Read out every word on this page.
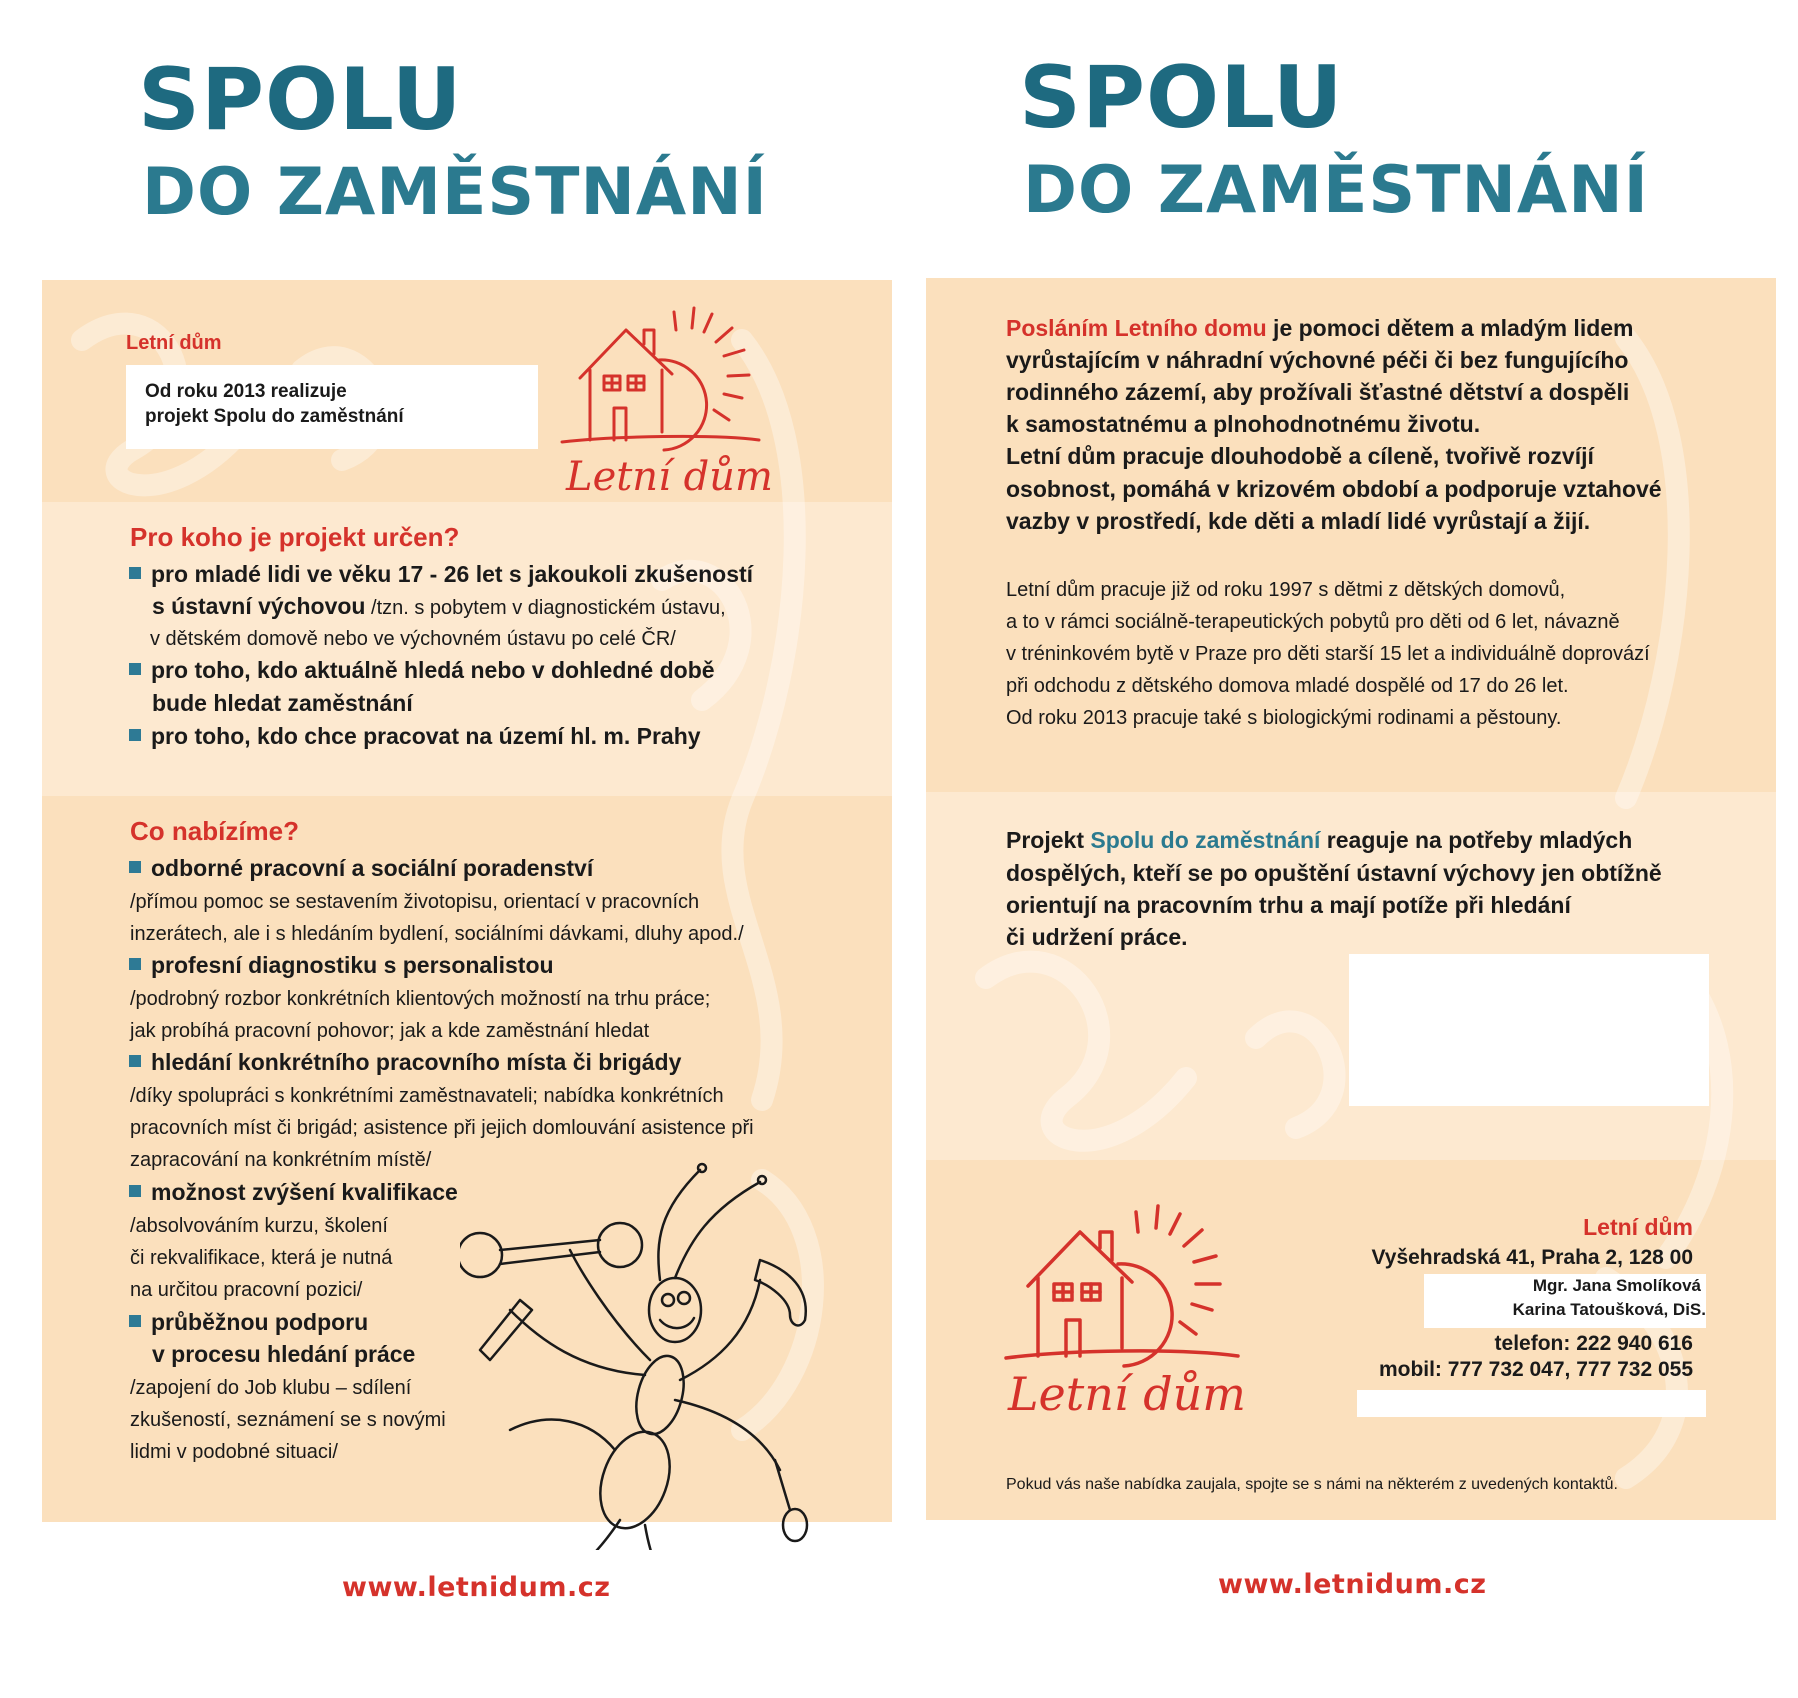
SPOLU
DO ZAMĚSTNÁNÍ
Letní dům
Od roku 2013 realizuje
projekt Spolu do zaměstnání
Letní dům
Pro koho je projekt určen?
pro mladé lidi ve věku 17 - 26 let s jakoukoli zkušeností
s ústavní výchovou /tzn. s pobytem v diagnostickém ústavu,
v dětském domově nebo ve výchovném ústavu po celé ČR/
pro toho, kdo aktuálně hledá nebo v dohledné době
bude hledat zaměstnání
pro toho, kdo chce pracovat na území hl. m. Prahy
Co nabízíme?
odborné pracovní a sociální poradenství
/přímou pomoc se sestavením životopisu, orientací v pracovních
inzerátech, ale i s hledáním bydlení, sociálními dávkami, dluhy apod./
profesní diagnostiku s personalistou
/podrobný rozbor konkrétních klientových možností na trhu práce;
jak probíhá pracovní pohovor; jak a kde zaměstnání hledat
hledání konkrétního pracovního místa či brigády
/díky spolupráci s konkrétními zaměstnavateli; nabídka konkrétních
pracovních míst či brigád; asistence při jejich domlouvání asistence při
zapracování na konkrétním místě/
možnost zvýšení kvalifikace
/absolvováním kurzu, školení
či rekvalifikace, která je nutná
na určitou pracovní pozici/
průběžnou podporu
v procesu hledání práce
/zapojení do Job klubu – sdílení
zkušeností, seznámení se s novými
lidmi v podobné situaci/
www.letnidum.cz
SPOLU
DO ZAMĚSTNÁNÍ
Posláním Letního domu je pomoci dětem a mladým lidem
vyrůstajícím v náhradní výchovné péči či bez fungujícího
rodinného zázemí, aby prožívali šťastné dětství a dospěli
k samostatnému a plnohodnotnému životu.
Letní dům pracuje dlouhodobě a cíleně, tvořivě rozvíjí
osobnost, pomáhá v krizovém období a podporuje vztahové
vazby v prostředí, kde děti a mladí lidé vyrůstají a žijí.
Letní dům pracuje již od roku 1997 s dětmi z dětských domovů,
a to v rámci sociálně-terapeutických pobytů pro děti od 6 let, návazně
v tréninkovém bytě v Praze pro děti starší 15 let a individuálně doprovází
při odchodu z dětského domova mladé dospělé od 17 do 26 let.
Od roku 2013 pracuje také s biologickými rodinami a pěstouny.
Projekt Spolu do zaměstnání reaguje na potřeby mladých
dospělých, kteří se po opuštění ústavní výchovy jen obtížně
orientují na pracovním trhu a mají potíže při hledání
či udržení práce.
Letní dům
Letní dům
Vyšehradská 41, Praha 2, 128 00
Mgr. Jana Smolíková
Karina Tatoušková, DiS.
telefon: 222 940 616
mobil: 777 732 047, 777 732 055
Pokud vás naše nabídka zaujala, spojte se s námi na některém z uvedených kontaktů.
www.letnidum.cz
